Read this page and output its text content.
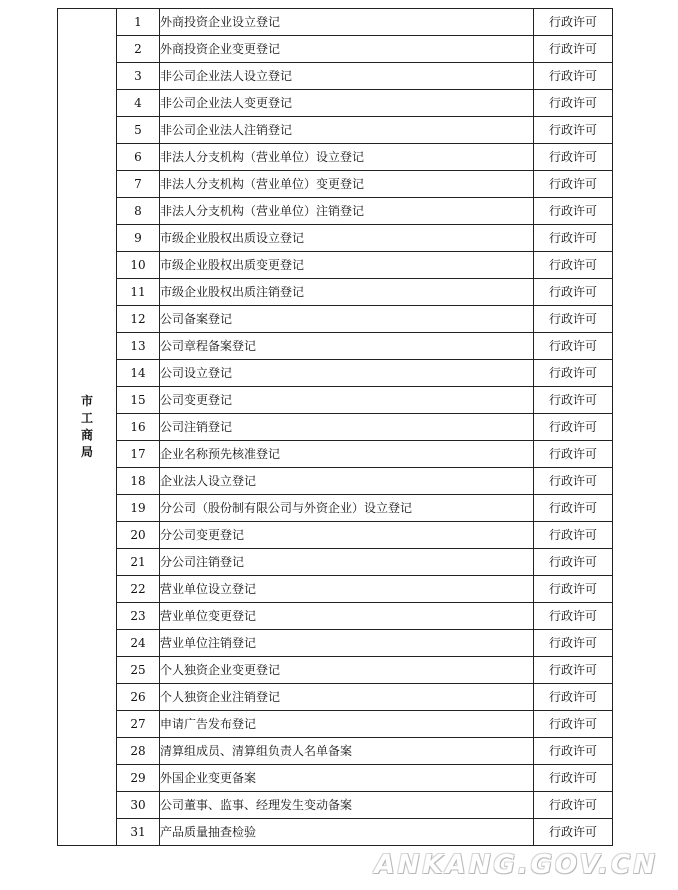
市工商局	1	外商投资企业设立登记	行政许可
	2	外商投资企业变更登记	行政许可
	3	非公司企业法人设立登记	行政许可
	4	非公司企业法人变更登记	行政许可
	5	非公司企业法人注销登记	行政许可
	6	非法人分支机构（营业单位）设立登记	行政许可
	7	非法人分支机构（营业单位）变更登记	行政许可
	8	非法人分支机构（营业单位）注销登记	行政许可
	9	市级企业股权出质设立登记	行政许可
	10	市级企业股权出质变更登记	行政许可
	11	市级企业股权出质注销登记	行政许可
	12	公司备案登记	行政许可
	13	公司章程备案登记	行政许可
	14	公司设立登记	行政许可
	15	公司变更登记	行政许可
	16	公司注销登记	行政许可
	17	企业名称预先核准登记	行政许可
	18	企业法人设立登记	行政许可
	19	分公司（股份制有限公司与外资企业）设立登记	行政许可
	20	分公司变更登记	行政许可
	21	分公司注销登记	行政许可
	22	营业单位设立登记	行政许可
	23	营业单位变更登记	行政许可
	24	营业单位注销登记	行政许可
	25	个人独资企业变更登记	行政许可
	26	个人独资企业注销登记	行政许可
	27	申请广告发布登记	行政许可
	28	清算组成员、清算组负责人名单备案	行政许可
	29	外国企业变更备案	行政许可
	30	公司董事、监事、经理发生变动备案	行政许可
	31	产品质量抽查检验	行政许可
ANKANG.GOV.CN
